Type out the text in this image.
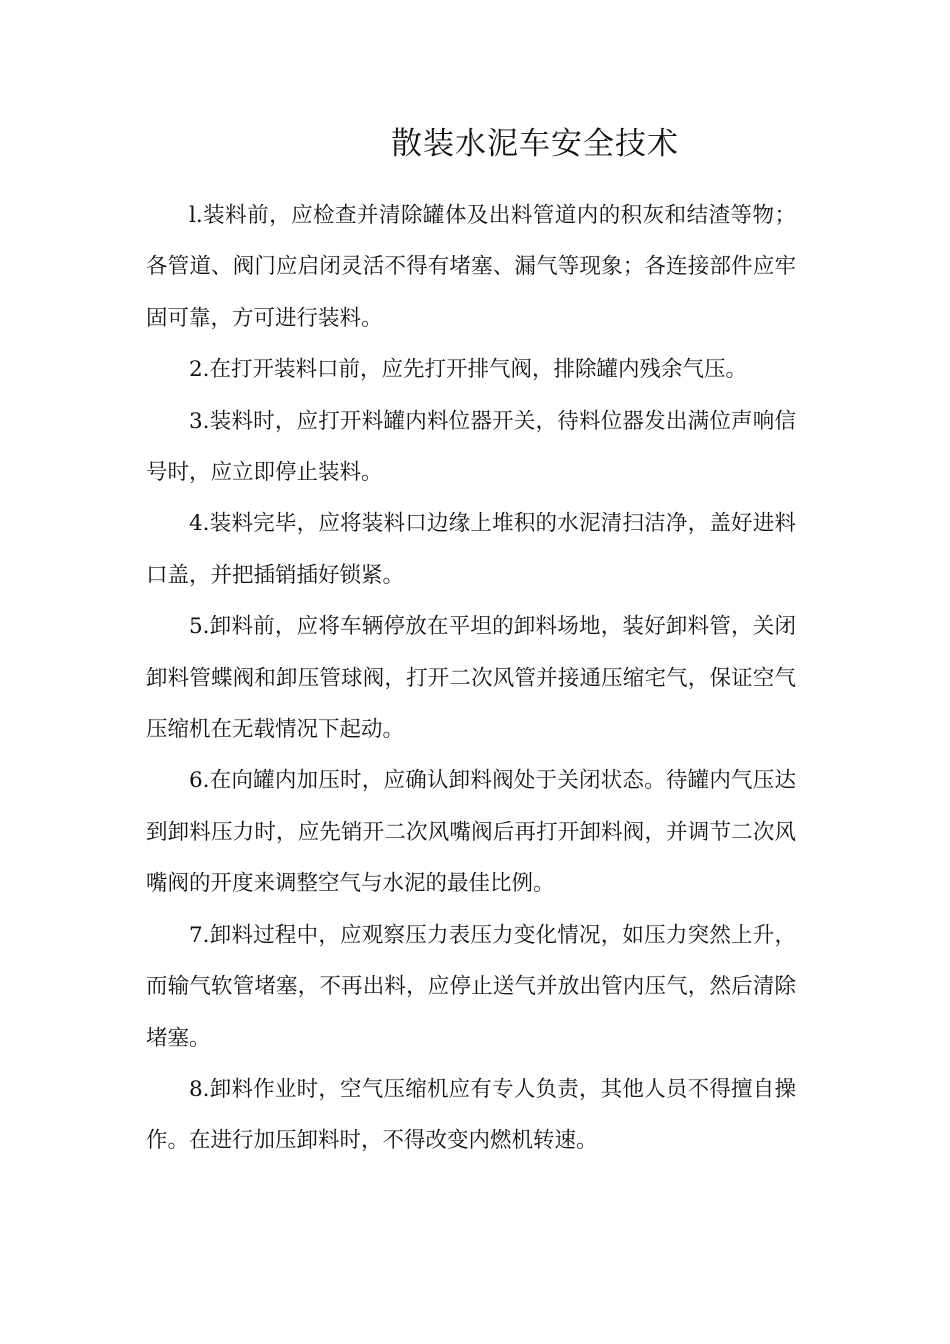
散装水泥车安全技术

l.装料前，应检查并清除罐体及出料管道内的积灰和结渣等物；各管道、阀门应启闭灵活不得有堵塞、漏气等现象；各连接部件应牢固可靠，方可进行装料。

2.在打开装料口前，应先打开排气阀，排除罐内残余气压。

3.装料时，应打开料罐内料位器开关，待料位器发出满位声响信号时，应立即停止装料。

4.装料完毕，应将装料口边缘上堆积的水泥清扫洁净，盖好进料口盖，并把插销插好锁紧。

5.卸料前，应将车辆停放在平坦的卸料场地，装好卸料管，关闭卸料管蝶阀和卸压管球阀，打开二次风管并接通压缩宅气，保证空气压缩机在无载情况下起动。

6.在向罐内加压时，应确认卸料阀处于关闭状态。待罐内气压达到卸料压力时，应先销开二次风嘴阀后再打开卸料阀，并调节二次风嘴阀的开度来调整空气与水泥的最佳比例。

7.卸料过程中，应观察压力表压力变化情况，如压力突然上升，而输气软管堵塞，不再出料，应停止送气并放出管内压气，然后清除堵塞。

8.卸料作业时，空气压缩机应有专人负责，其他人员不得擅自操作。在进行加压卸料时，不得改变内燃机转速。
